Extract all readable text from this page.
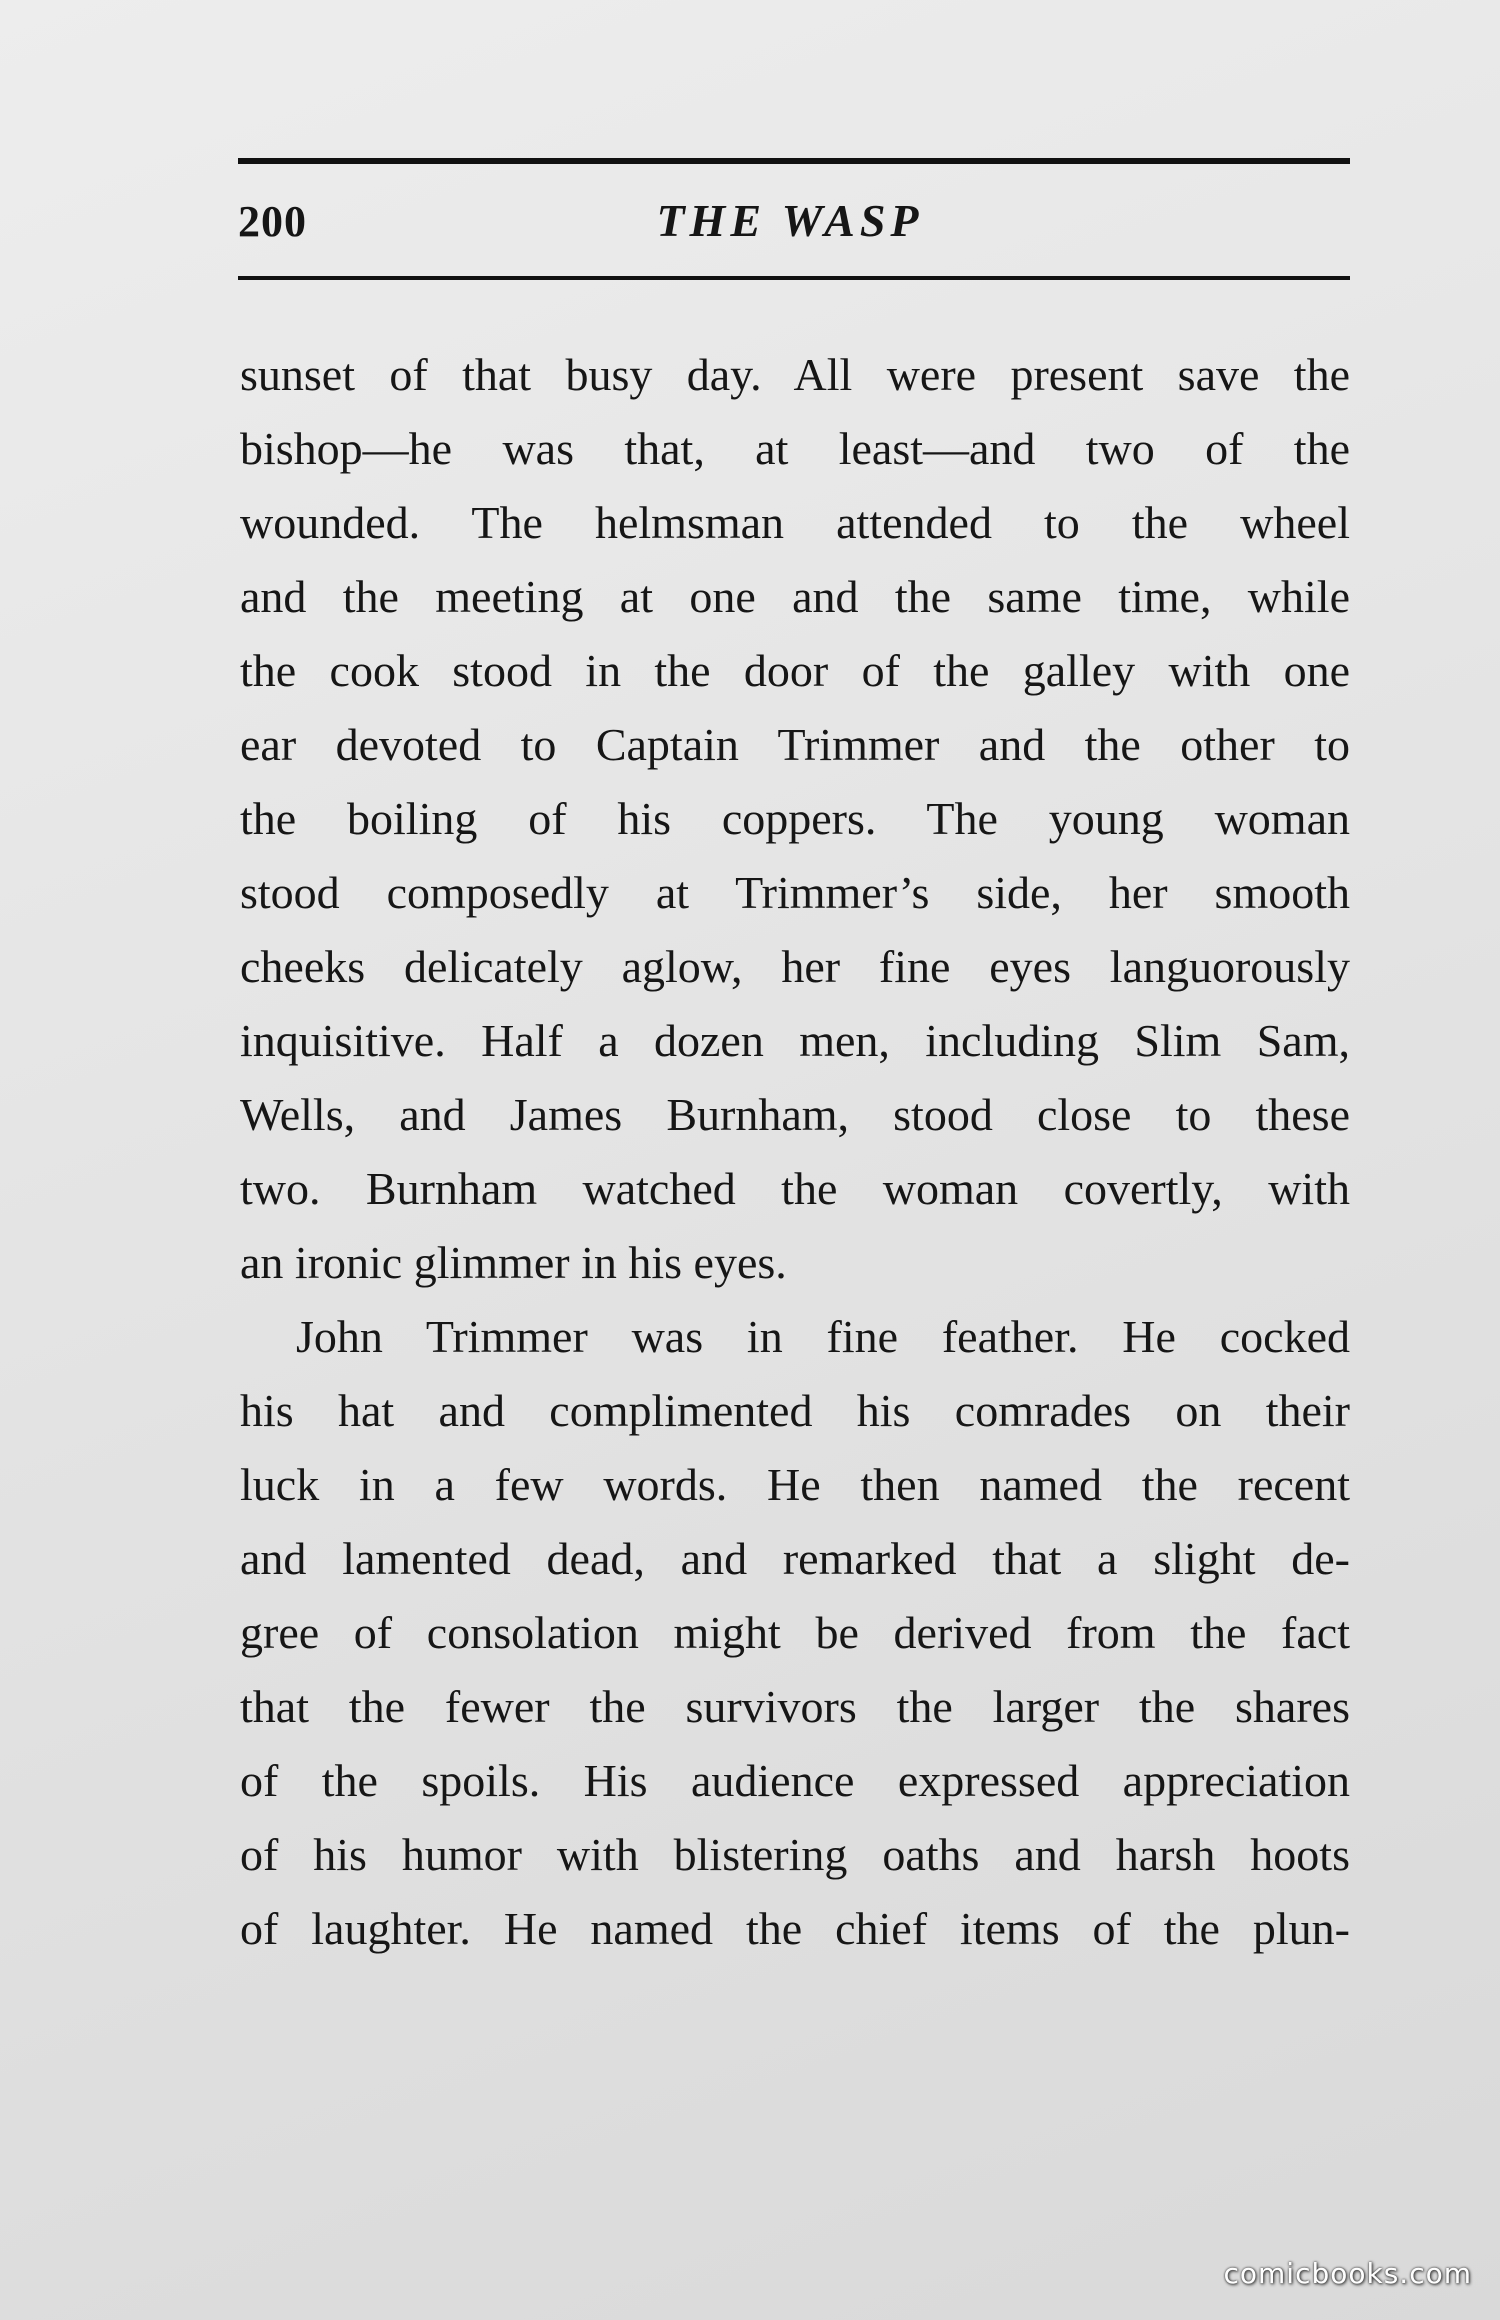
200	THE WASP
sunset of that busy day. All were present save the
bishop—he was that, at least—and two of the
wounded. The helmsman attended to the wheel
and the meeting at one and the same time, while
the cook stood in the door of the galley with one
ear devoted to Captain Trimmer and the other to
the boiling of his coppers. The young woman
stood composedly at Trimmer’s side, her smooth
cheeks delicately aglow, her fine eyes languorously
inquisitive. Half a dozen men, including Slim Sam,
Wells, and James Burnham, stood close to these
two. Burnham watched the woman covertly, with
an ironic glimmer in his eyes.
John Trimmer was in fine feather. He cocked
his hat and complimented his comrades on their
luck in a few words. He then named the recent
and lamented dead, and remarked that a slight de-
gree of consolation might be derived from the fact
that the fewer the survivors the larger the shares
of the spoils. His audience expressed appreciation
of his humor with blistering oaths and harsh hoots
of laughter. He named the chief items of the plun-
comicbooks.com
